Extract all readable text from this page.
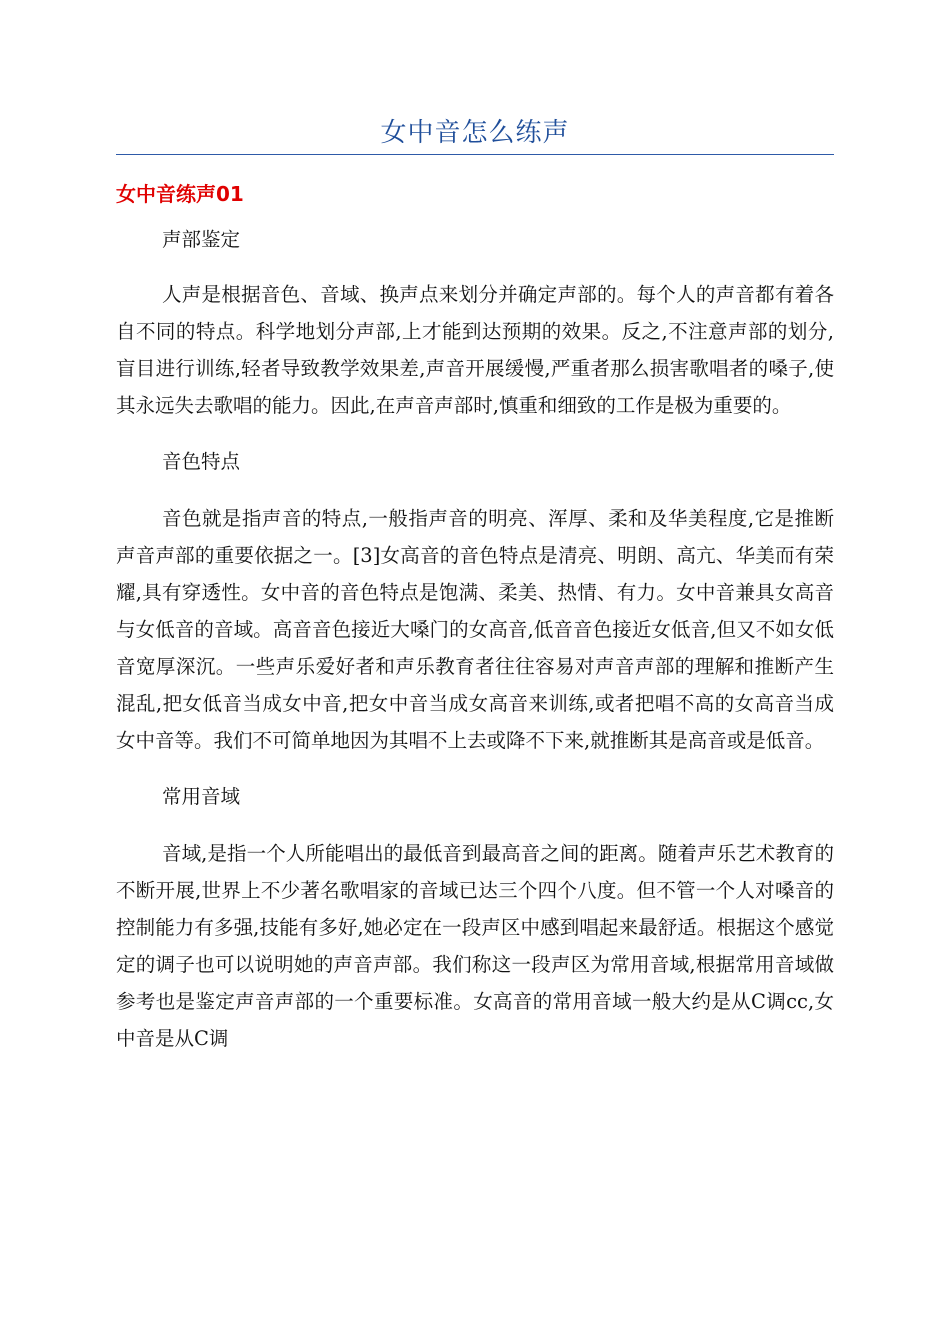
女中音怎么练声
女中音练声01

声部鉴定

人声是根据音色、音域、换声点来划分并确定声部的。每个人的声音都有着各自不同的特点。科学地划分声部,上才能到达预期的效果。反之,不注意声部的划分,盲目进行训练,轻者导致教学效果差,声音开展缓慢,严重者那么损害歌唱者的嗓子,使其永远失去歌唱的能力。因此,在声音声部时,慎重和细致的工作是极为重要的。

音色特点

音色就是指声音的特点,一般指声音的明亮、浑厚、柔和及华美程度,它是推断声音声部的重要依据之一。[3]女高音的音色特点是清亮、明朗、高亢、华美而有荣耀,具有穿透性。女中音的音色特点是饱满、柔美、热情、有力。女中音兼具女高音与女低音的音域。高音音色接近大嗓门的女高音,低音音色接近女低音,但又不如女低音宽厚深沉。一些声乐爱好者和声乐教育者往往容易对声音声部的理解和推断产生混乱,把女低音当成女中音,把女中音当成女高音来训练,或者把唱不高的女高音当成女中音等。我们不可简单地因为其唱不上去或降不下来,就推断其是高音或是低音。

常用音域

音域,是指一个人所能唱出的最低音到最高音之间的距离。随着声乐艺术教育的不断开展,世界上不少著名歌唱家的音域已达三个四个八度。但不管一个人对嗓音的控制能力有多强,技能有多好,她必定在一段声区中感到唱起来最舒适。根据这个感觉定的调子也可以说明她的声音声部。我们称这一段声区为常用音域,根据常用音域做参考也是鉴定声音声部的一个重要标准。女高音的常用音域一般大约是从C调cc,女中音是从C调
